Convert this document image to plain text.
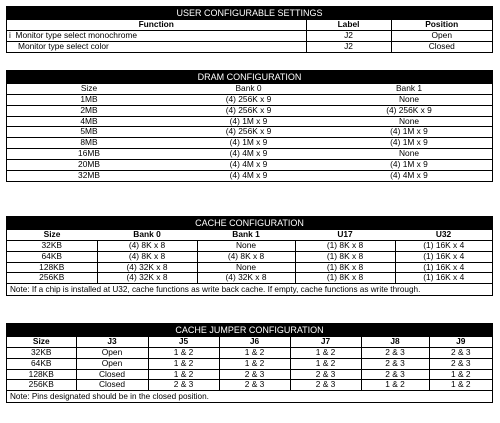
USER CONFIGURABLE SETTINGS
Function	Label	Position
i Monitor type select monochrome	J2	Open
Monitor type select color	J2	Closed
DRAM CONFIGURATION
Size	Bank 0	Bank 1
1MB	(4) 256K x 9	None
2MB	(4) 256K x 9	(4) 256K x 9
4MB	(4) 1M x 9	None
5MB	(4) 256K x 9	(4) 1M x 9
8MB	(4) 1M x 9	(4) 1M x 9
16MB	(4) 4M x 9	None
20MB	(4) 4M x 9	(4) 1M x 9
32MB	(4) 4M x 9	(4) 4M x 9
CACHE CONFIGURATION
Size	Bank 0	Bank 1	U17	U32
32KB	(4) 8K x 8	None	(1) 8K x 8	(1) 16K x 4
64KB	(4) 8K x 8	(4) 8K x 8	(1) 8K x 8	(1) 16K x 4
128KB	(4) 32K x 8	None	(1) 8K x 8	(1) 16K x 4
256KB	(4) 32K x 8	(4) 32K x 8	(1) 8K x 8	(1) 16K x 4
Note: If a chip is installed at U32, cache functions as write back cache. If empty, cache functions as write through.
CACHE JUMPER CONFIGURATION
Size	J3	J5	J6	J7	J8	J9
32KB	Open	1 & 2	1 & 2	1 & 2	2 & 3	2 & 3
64KB	Open	1 & 2	1 & 2	1 & 2	2 & 3	2 & 3
128KB	Closed	1 & 2	2 & 3	2 & 3	2 & 3	1 & 2
256KB	Closed	2 & 3	2 & 3	2 & 3	1 & 2	1 & 2
Note: Pins designated should be in the closed position.
